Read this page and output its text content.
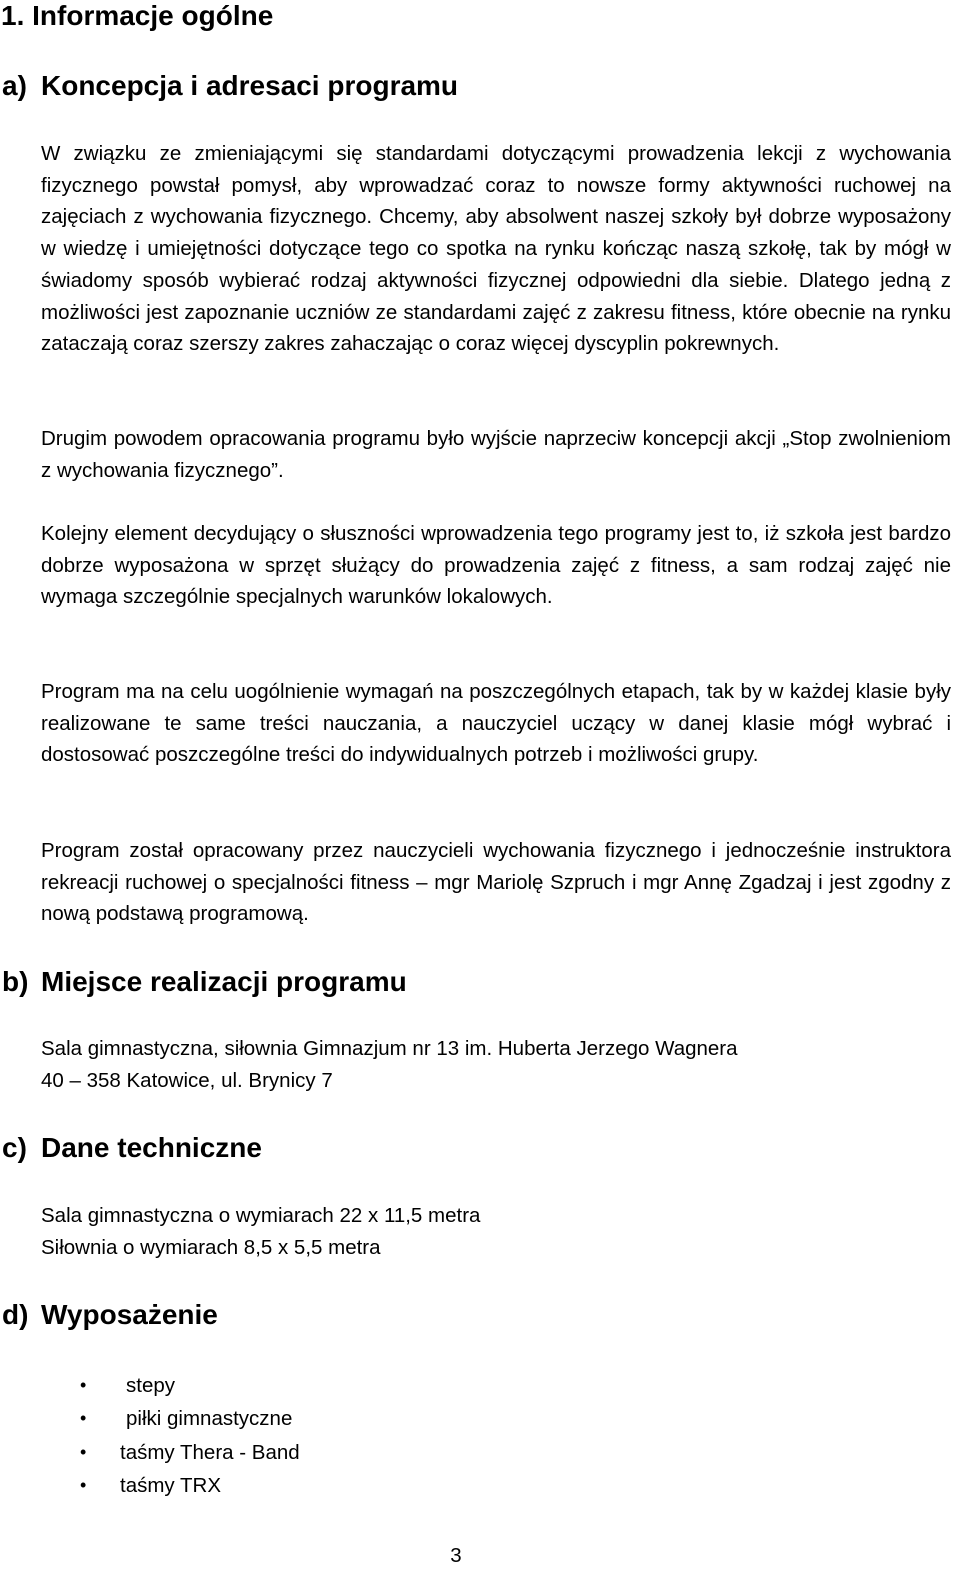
1. Informacje ogólne
a) Koncepcja i adresaci programu

W związku ze zmieniającymi się standardami dotyczącymi prowadzenia lekcji z wychowania fizycznego powstał pomysł, aby wprowadzać coraz to nowsze formy aktywności ruchowej na zajęciach z wychowania fizycznego. Chcemy, aby absolwent naszej szkoły był dobrze wyposażony w wiedzę i umiejętności dotyczące tego co spotka na rynku kończąc naszą szkołę, tak by mógł w świadomy sposób wybierać rodzaj aktywności fizycznej odpowiedni dla siebie. Dlatego jedną z możliwości jest zapoznanie uczniów ze standardami zajęć z zakresu fitness, które obecnie na rynku zataczają coraz szerszy zakres zahaczając o coraz więcej dyscyplin pokrewnych.

Drugim powodem opracowania programu było wyjście naprzeciw koncepcji akcji „Stop zwolnieniom z wychowania fizycznego”.

Kolejny element decydujący o słuszności wprowadzenia tego programy jest to, iż szkoła jest bardzo dobrze wyposażona w sprzęt służący do prowadzenia zajęć z fitness, a sam rodzaj zajęć nie wymaga szczególnie specjalnych warunków lokalowych.

Program ma na celu uogólnienie wymagań na poszczególnych etapach, tak by w każdej klasie były realizowane te same treści nauczania, a nauczyciel uczący w danej klasie mógł wybrać i dostosować poszczególne treści do indywidualnych potrzeb i możliwości grupy.

Program został opracowany przez nauczycieli wychowania fizycznego i jednocześnie instruktora rekreacji ruchowej o specjalności fitness – mgr Mariolę Szpruch i mgr Annę Zgadzaj i jest zgodny z nową podstawą programową.

b) Miejsce realizacji programu
Sala gimnastyczna, siłownia Gimnazjum nr 13 im. Huberta Jerzego Wagnera
40 – 358 Katowice, ul. Brynicy 7
c) Dane techniczne
Sala gimnastyczna o wymiarach 22 x 11,5 metra
Siłownia o wymiarach 8,5 x 5,5 metra
d) Wyposażenie
• stepy
• piłki gimnastyczne
• taśmy Thera - Band
• taśmy TRX
3
